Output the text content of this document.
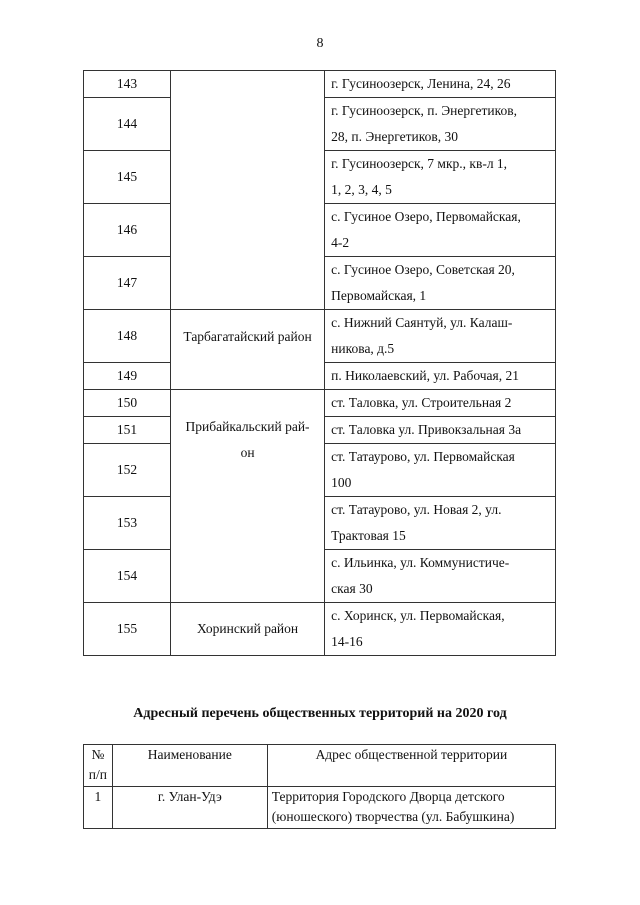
8
143		г. Гусиноозерск, Ленина, 24, 26
144		г. Гусиноозерск, п. Энергетиков,
28, п. Энергетиков, 30

145		г. Гусиноозерск, 7 мкр., кв-л 1,
1, 2, 3, 4, 5

146		с. Гусиное Озеро, Первомайская,
4-2

147		с. Гусиное Озеро, Советская 20,
Первомайская, 1

148	Тарбагатайский район	с. Нижний Саянтуй, ул. Калаш-
никова, д.5

149		п. Николаевский, ул. Рабочая, 21
150	Прибайкальский рай-
он	ст. Таловка, ул. Строительная 2
151		ст. Таловка ул. Привокзальная 3а
152		ст. Татаурово, ул. Первомайская
100

153		ст. Татаурово, ул. Новая 2, ул.
Трактовая 15

154		с. Ильинка, ул. Коммунистиче-
ская 30

155	Хоринский район	с. Хоринск, ул. Первомайская,
14-16
Адресный перечень общественных территорий на 2020 год
№
п/п	Наименование	Адрес общественной территории
1	г. Улан-Удэ	Территория Городского Дворца детского
(юношеского) творчества (ул. Бабушкина)
